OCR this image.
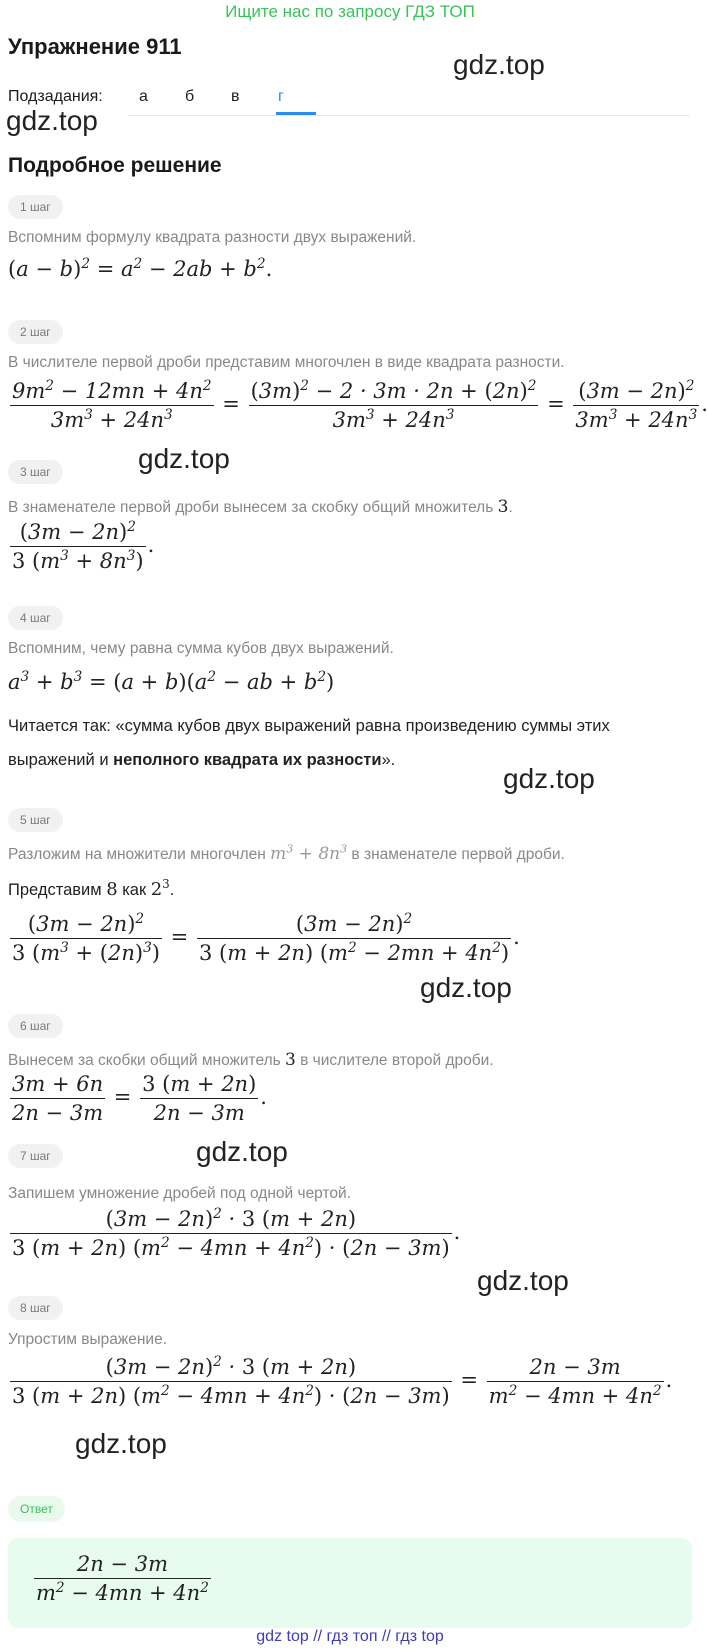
Ищите нас по запросу ГДЗ ТОП
Упражнение 911
gdz.top
gdz.top
gdz.top
gdz.top
gdz.top
gdz.top
gdz.top
gdz.top
Подзадания: а б в г
Подробное решение
1 шаг
Вспомним формулу квадрата разности двух выражений.
$(a - b)^2 = a^2 - 2ab + b^2$.
2 шаг
В числителе первой дроби представим многочлен в виде квадрата разности.
$\frac{9m^2 - 12mn + 4n^2}{3m^3 + 24n^3} = \frac{(3m)^2 - 2 \cdot 3m \cdot 2n + (2n)^2}{3m^3 + 24n^3} = \frac{(3m - 2n)^2}{3m^3 + 24n^3}$ .
3 шаг
В знаменателе первой дроби вынесем за скобку общий множитель 3.
$\frac{(3m - 2n)^2}{3 (m^3 + 8n^3)}$ .
4 шаг
Вспомним, чему равна сумма кубов двух выражений.
$a^3 + b^3 = (a + b)(a^2$ − ab + $b^2$)
Читается так: «сумма кубов двух выражений равна произведению суммы этих
выражений и неполного квадрата их разности».
5 шаг
Разложим на множители многочлен $m^3 + 8n^3$ в знаменателе первой дроби.
Представим 8 как $2^3$.
$\frac{(3m - 2n)^2}{3 (m^3 + (2n)^3)} = \frac{(3m - 2n)^2}{3 (m + 2n) (m^2 - 2mn + 4n^2)}$ .
6 шаг
Вынесем за скобки общий множитель 3 в числителе второй дроби.
$\frac{3m + 6n}{2n - 3m} = \frac{3 (m + 2n)}{2n - 3m}$ .
7 шаг
Запишем умножение дробей под одной чертой.
$\frac{(3m - 2n)^2 \cdot 3 (m + 2n)}{3 (m + 2n) (m^2 - 4mn + 4n^2) \cdot (2n - 3m)}$ .
8 шаг
Упростим выражение.
$\frac{(3m - 2n)^2 \cdot 3 (m + 2n)}{3 (m + 2n) (m^2 - 4mn + 4n^2) \cdot (2n - 3m)} = \frac{2n - 3m}{m^2 - 4mn + 4n^2}$ .
Ответ
$\frac{2n - 3m}{m^2 - 4mn + 4n^2}$
gdz top // гдз топ // гдз top
